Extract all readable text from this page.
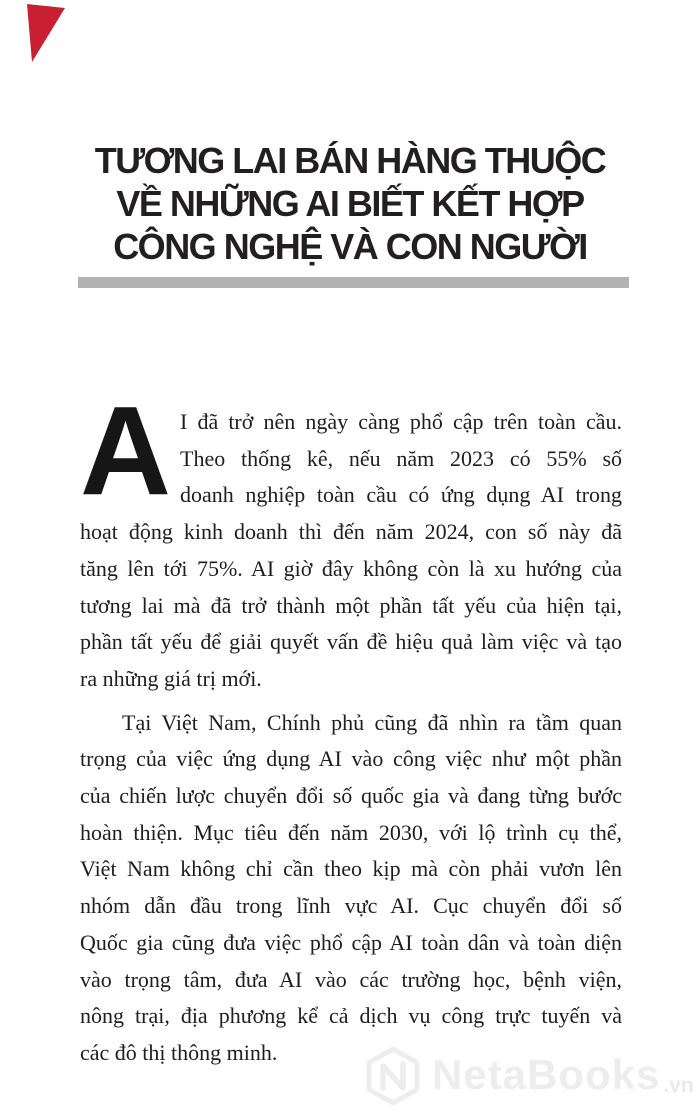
TƯƠNG LAI BÁN HÀNG THUỘC
VỀ NHỮNG AI BIẾT KẾT HỢP
CÔNG NGHỆ VÀ CON NGƯỜI
A I đã trở nên ngày càng phổ cập trên toàn cầu.
Theo thống kê, nếu năm 2023 có 55% số
doanh nghiệp toàn cầu có ứng dụng AI trong
hoạt động kinh doanh thì đến năm 2024, con số này đã
tăng lên tới 75%. AI giờ đây không còn là xu hướng của
tương lai mà đã trở thành một phần tất yếu của hiện tại,
phần tất yếu để giải quyết vấn đề hiệu quả làm việc và tạo
ra những giá trị mới.
Tại Việt Nam, Chính phủ cũng đã nhìn ra tầm quan
trọng của việc ứng dụng AI vào công việc như một phần
của chiến lược chuyển đổi số quốc gia và đang từng bước
hoàn thiện. Mục tiêu đến năm 2030, với lộ trình cụ thể,
Việt Nam không chỉ cần theo kịp mà còn phải vươn lên
nhóm dẫn đầu trong lĩnh vực AI. Cục chuyển đổi số
Quốc gia cũng đưa việc phổ cập AI toàn dân và toàn diện
vào trọng tâm, đưa AI vào các trường học, bệnh viện,
nông trại, địa phương kể cả dịch vụ công trực tuyến và
các đô thị thông minh.	NetaBooks .vn
